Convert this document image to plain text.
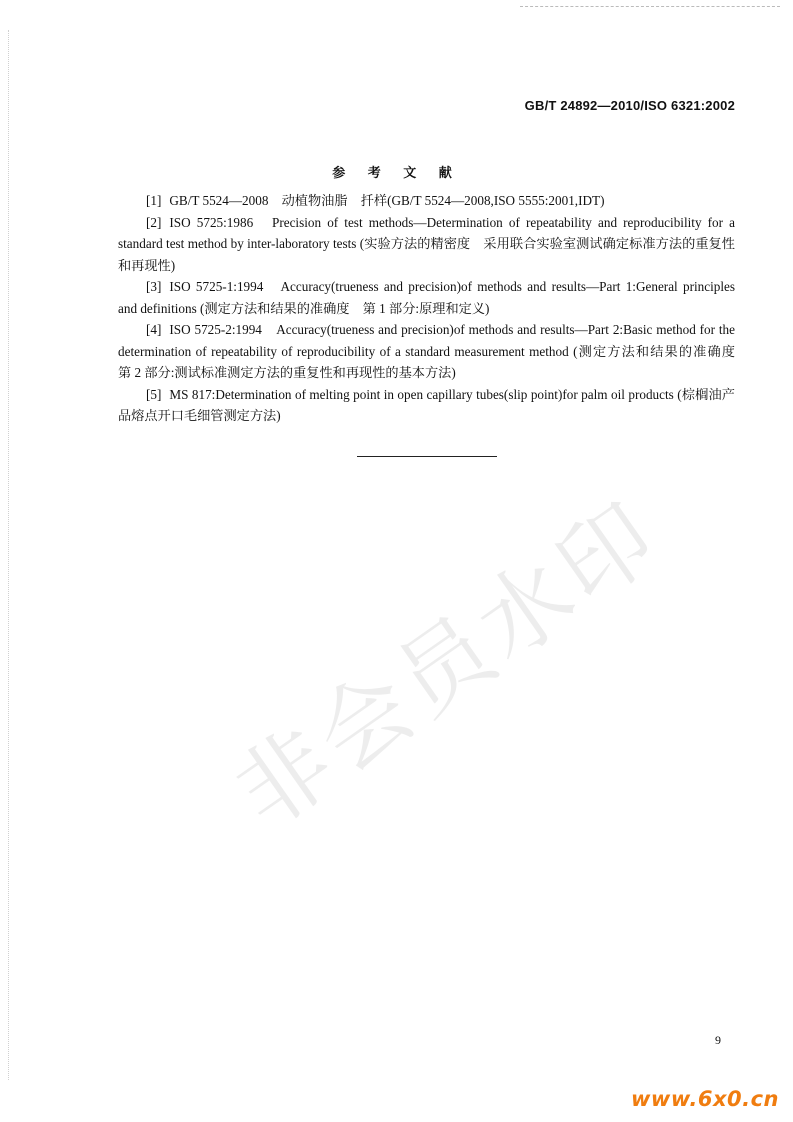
GB/T 24892—2010/ISO 6321:2002
参 考 文 献
[1] GB/T 5524—2008　动植物油脂　扦样(GB/T 5524—2008,ISO 5555:2001,IDT)
[2] ISO 5725:1986　Precision of test methods—Determination of repeatability and reproducibility for a standard test method by inter-laboratory tests (实验方法的精密度　采用联合实验室测试确定标准方法的重复性和再现性)
[3] ISO 5725-1:1994　Accuracy(trueness and precision)of methods and results—Part 1:General principles and definitions (测定方法和结果的准确度　第 1 部分:原理和定义)
[4] ISO 5725-2:1994　Accuracy(trueness and precision)of methods and results—Part 2:Basic method for the determination of repeatability of reproducibility of a standard measurement method (测定方法和结果的准确度　第 2 部分:测试标准测定方法的重复性和再现性的基本方法)
[5] MS 817:Determination of melting point in open capillary tubes(slip point)for palm oil products (棕榈油产品熔点开口毛细管测定方法)
非会员水印
9
www.6x0.cn
